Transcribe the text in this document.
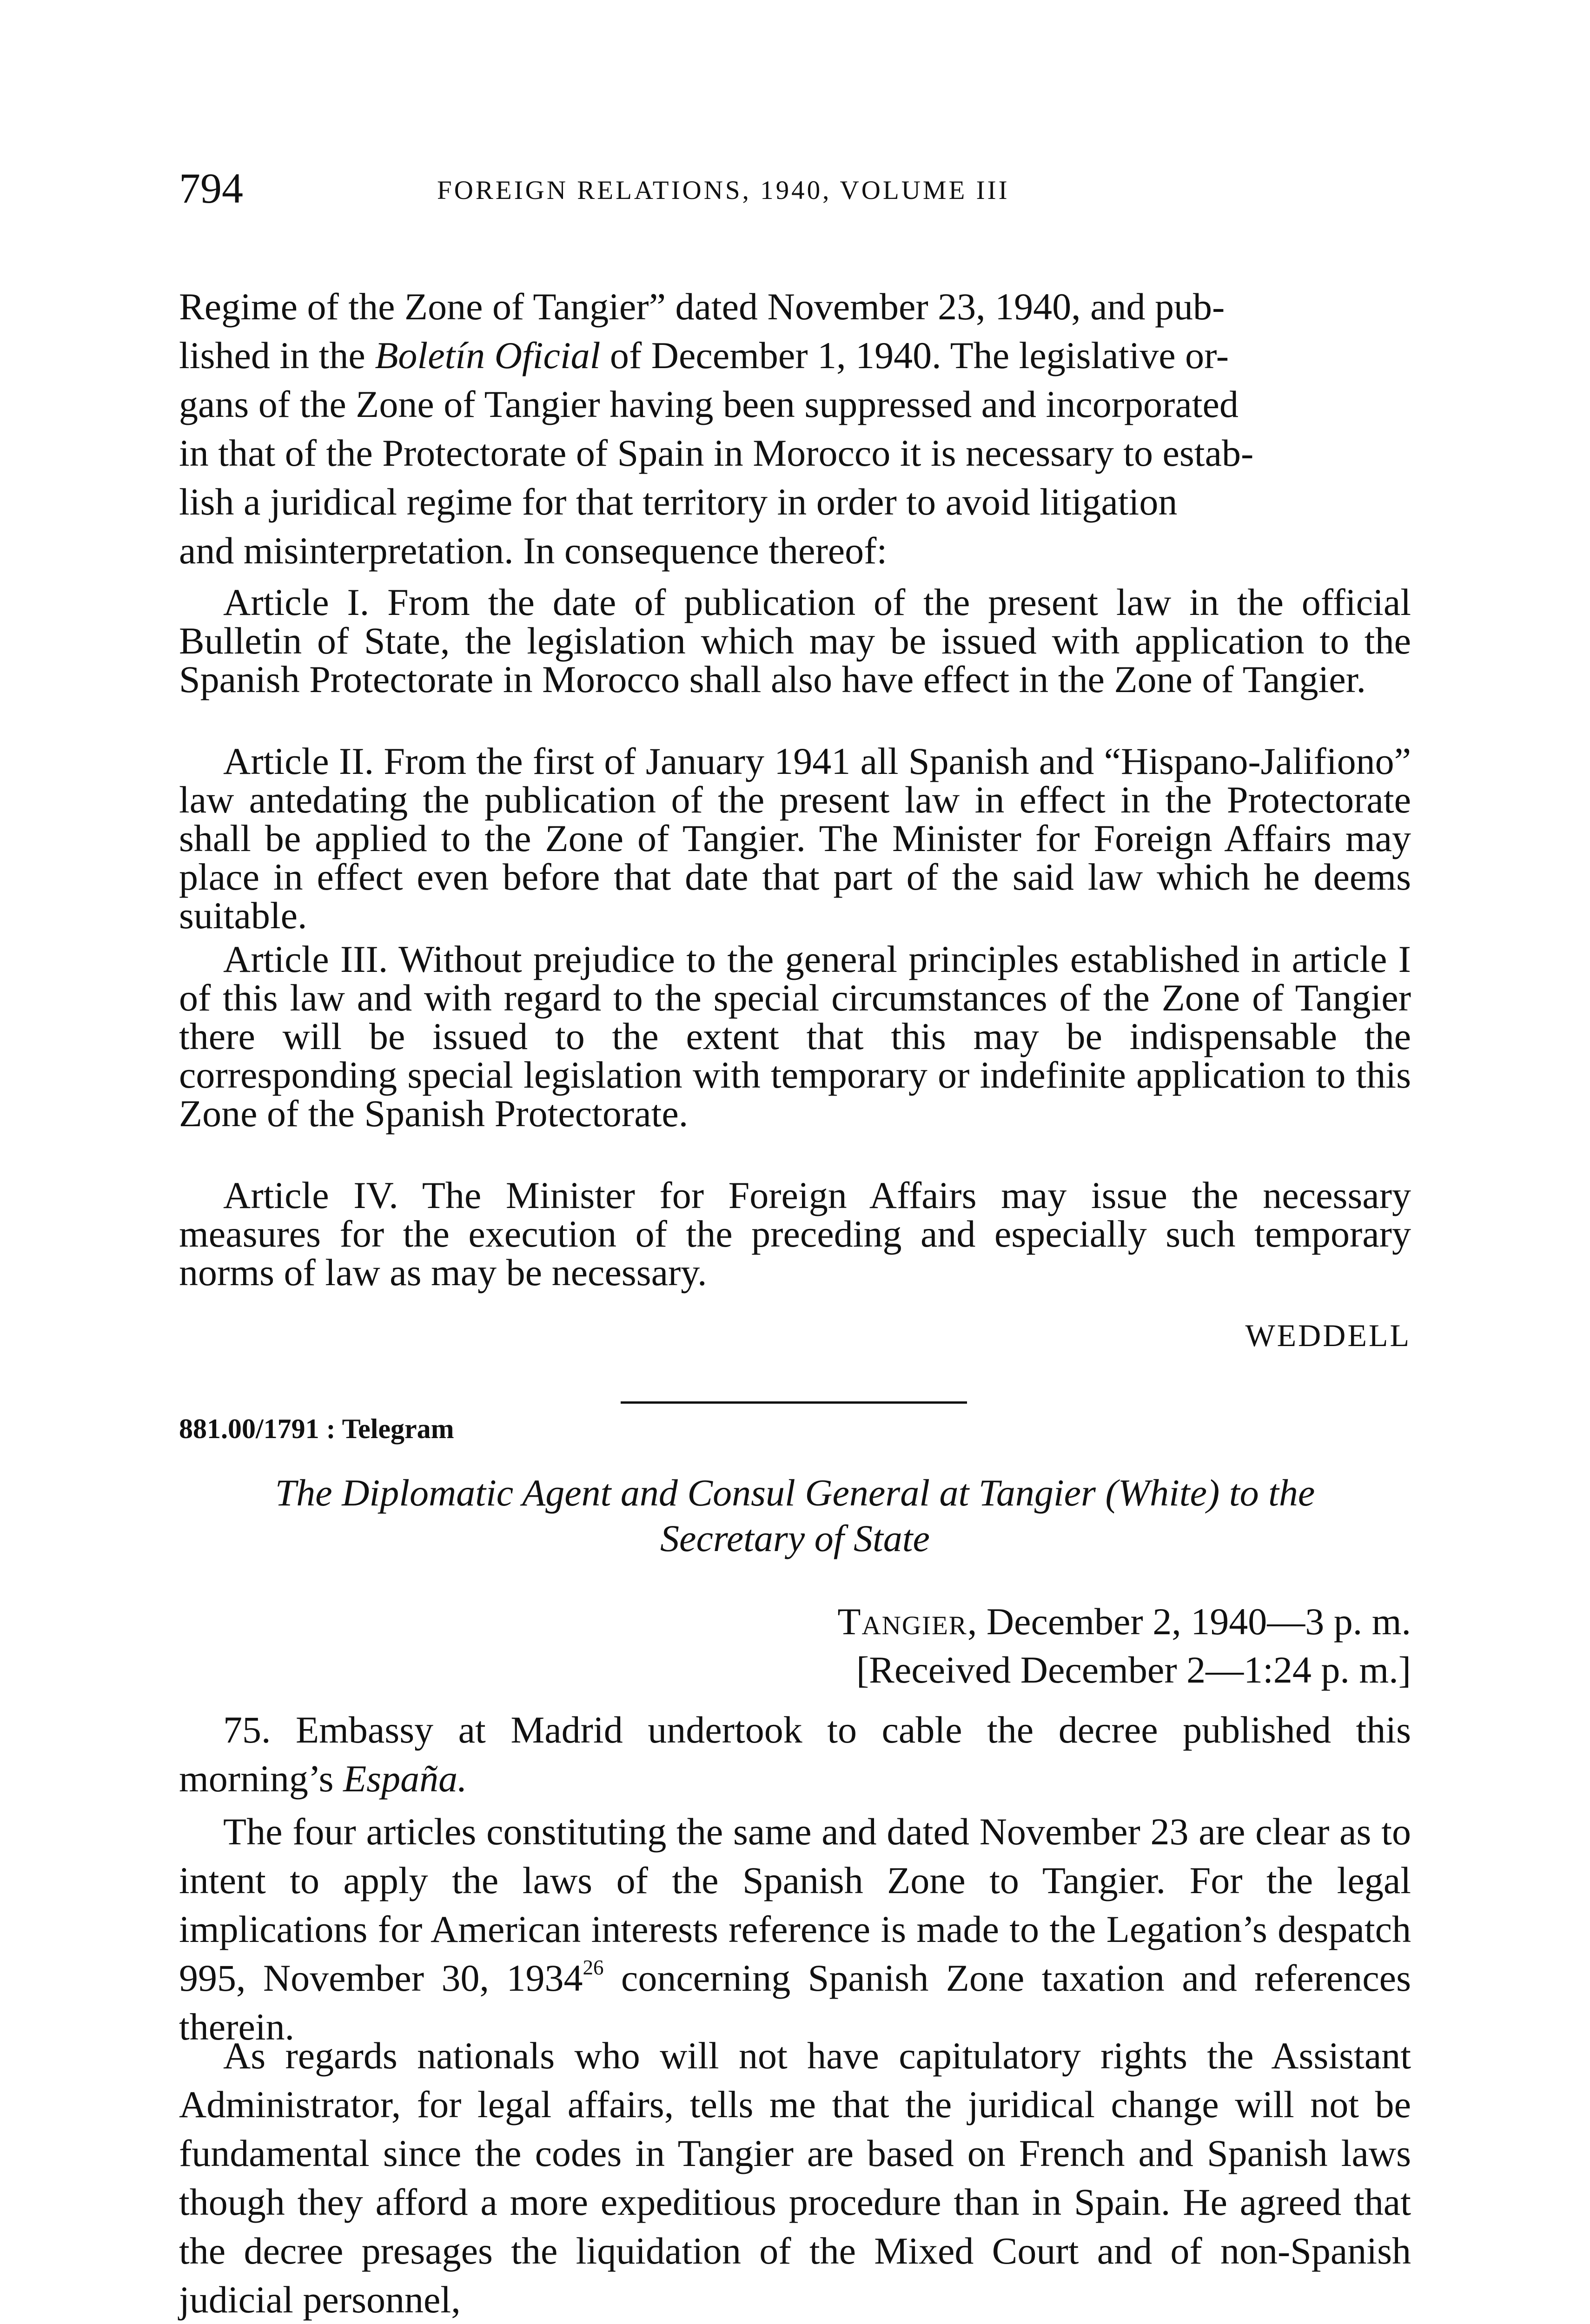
794	FOREIGN RELATIONS, 1940, VOLUME III
Regime of the Zone of Tangier” dated November 23, 1940, and pub-
lished in the Boletín Oficial of December 1, 1940. The legislative or-
gans of the Zone of Tangier having been suppressed and incorporated
in that of the Protectorate of Spain in Morocco it is necessary to estab-
lish a juridical regime for that territory in order to avoid litigation
and misinterpretation. In consequence thereof:

Article I. From the date of publication of the present law in the official Bulletin of State, the legislation which may be issued with application to the Spanish Protectorate in Morocco shall also have effect in the Zone of Tangier.

Article II. From the first of January 1941 all Spanish and “Hispano-Jalifiono” law antedating the publication of the present law in effect in the Protectorate shall be applied to the Zone of Tangier. The Minister for Foreign Affairs may place in effect even before that date that part of the said law which he deems suitable.

Article III. Without prejudice to the general principles established in article I of this law and with regard to the special circumstances of the Zone of Tangier there will be issued to the extent that this may be indispensable the corresponding special legislation with temporary or indefinite application to this Zone of the Spanish Protectorate.

Article IV. The Minister for Foreign Affairs may issue the necessary measures for the execution of the preceding and especially such temporary norms of law as may be necessary.

WEDDELL
881.00/1791 : Telegram
The Diplomatic Agent and Consul General at Tangier (White) to the
Secretary of State
Tangier, December 2, 1940—3 p. m.
[Received December 2—1:24 p. m.]

75. Embassy at Madrid undertook to cable the decree published this morning’s España.

The four articles constituting the same and dated November 23 are clear as to intent to apply the laws of the Spanish Zone to Tangier. For the legal implications for American interests reference is made to the Legation’s despatch 995, November 30, 1934$^{26}$ concerning Spanish Zone taxation and references therein.

As regards nationals who will not have capitulatory rights the Assistant Administrator, for legal affairs, tells me that the juridical change will not be fundamental since the codes in Tangier are based on French and Spanish laws though they afford a more expeditious procedure than in Spain. He agreed that the decree presages the liquidation of the Mixed Court and of non-Spanish judicial personnel,
